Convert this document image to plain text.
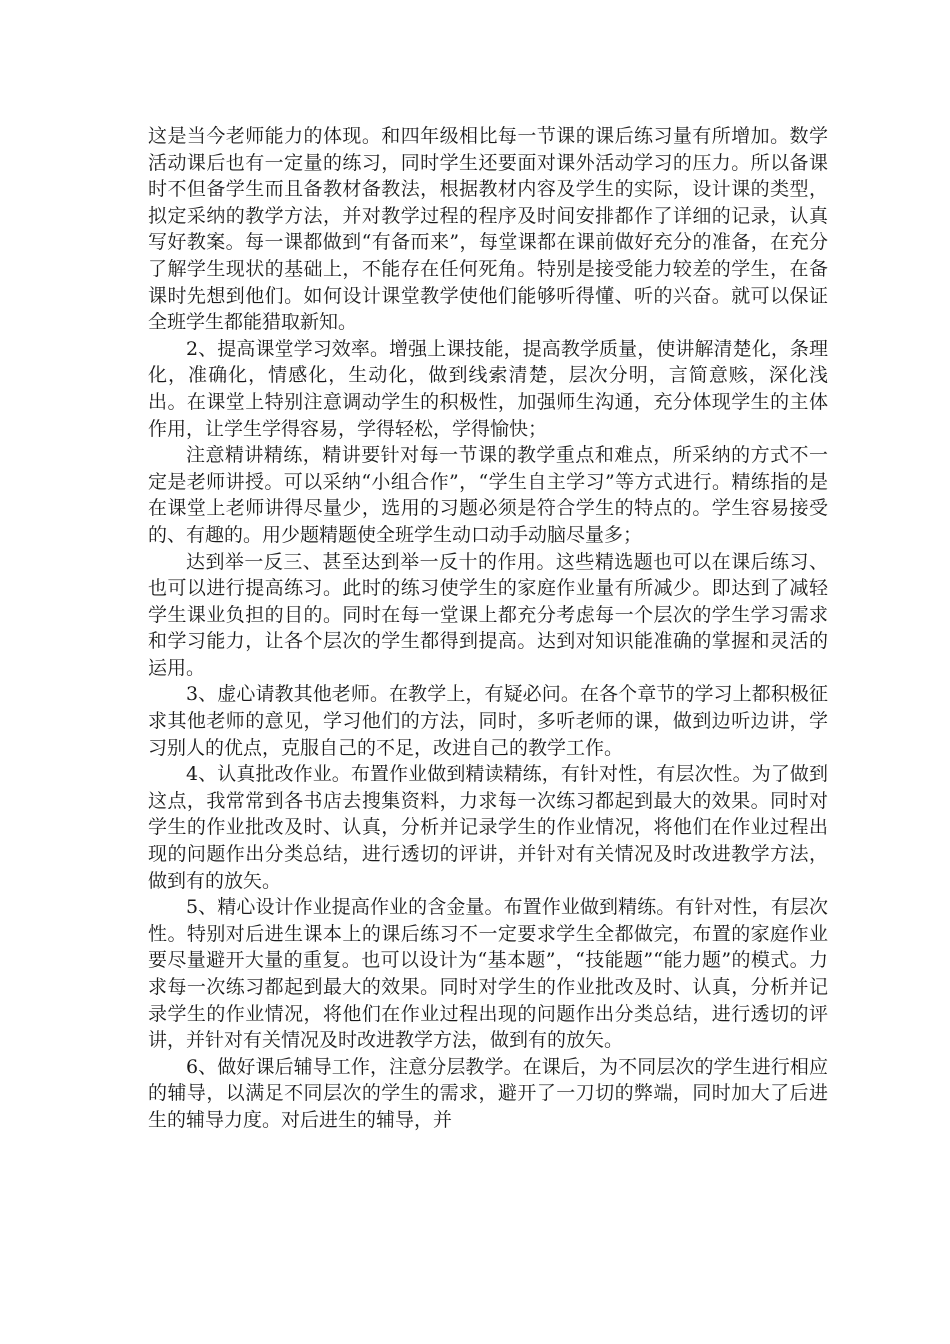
这是当今老师能力的体现。和四年级相比每一节课的课后练习量有所增加。数学活动课后也有一定量的练习，同时学生还要面对课外活动学习的压力。所以备课时不但备学生而且备教材备教法，根据教材内容及学生的实际，设计课的类型，拟定采纳的教学方法，并对教学过程的程序及时间安排都作了详细的记录，认真写好教案。每一课都做到“有备而来”，每堂课都在课前做好充分的准备，在充分了解学生现状的基础上，不能存在任何死角。特别是接受能力较差的学生，在备课时先想到他们。如何设计课堂教学使他们能够听得懂、听的兴奋。就可以保证全班学生都能猎取新知。

2、提高课堂学习效率。增强上课技能，提高教学质量，使讲解清楚化，条理化，准确化，情感化，生动化，做到线索清楚，层次分明，言简意赅，深化浅出。在课堂上特别注意调动学生的积极性，加强师生沟通，充分体现学生的主体作用，让学生学得容易，学得轻松，学得愉快；

注意精讲精练，精讲要针对每一节课的教学重点和难点，所采纳的方式不一定是老师讲授。可以采纳“小组合作”，“学生自主学习”等方式进行。精练指的是在课堂上老师讲得尽量少，选用的习题必须是符合学生的特点的。学生容易接受的、有趣的。用少题精题使全班学生动口动手动脑尽量多；

达到举一反三、甚至达到举一反十的作用。这些精选题也可以在课后练习、也可以进行提高练习。此时的练习使学生的家庭作业量有所减少。即达到了减轻学生课业负担的目的。同时在每一堂课上都充分考虑每一个层次的学生学习需求和学习能力，让各个层次的学生都得到提高。达到对知识能准确的掌握和灵活的运用。

3、虚心请教其他老师。在教学上，有疑必问。在各个章节的学习上都积极征求其他老师的意见，学习他们的方法，同时，多听老师的课，做到边听边讲，学习别人的优点，克服自己的不足，改进自己的教学工作。

4、认真批改作业。布置作业做到精读精练，有针对性，有层次性。为了做到这点，我常常到各书店去搜集资料，力求每一次练习都起到最大的效果。同时对学生的作业批改及时、认真，分析并记录学生的作业情况，将他们在作业过程出现的问题作出分类总结，进行透切的评讲，并针对有关情况及时改进教学方法，做到有的放矢。

5、精心设计作业提高作业的含金量。布置作业做到精练。有针对性，有层次性。特别对后进生课本上的课后练习不一定要求学生全都做完，布置的家庭作业要尽量避开大量的重复。也可以设计为“基本题”，“技能题”“能力题”的模式。力求每一次练习都起到最大的效果。同时对学生的作业批改及时、认真，分析并记录学生的作业情况，将他们在作业过程出现的问题作出分类总结，进行透切的评讲，并针对有关情况及时改进教学方法，做到有的放矢。

6、做好课后辅导工作，注意分层教学。在课后，为不同层次的学生进行相应的辅导，以满足不同层次的学生的需求，避开了一刀切的弊端，同时加大了后进生的辅导力度。对后进生的辅导，并
